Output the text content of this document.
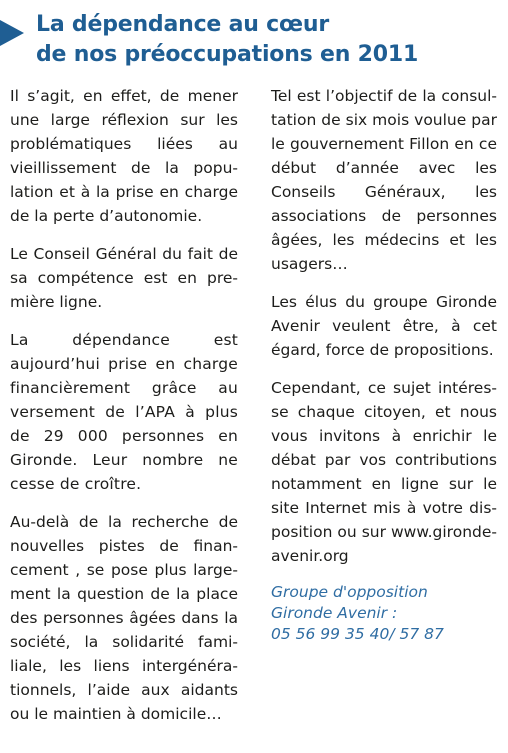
La dépendance au cœur
de nos préoccupations en 2011

Il s’agit, en effet, de mener une large réflexion sur les problématiques liées au vieillissement de la population et à la prise en charge de la perte d’autonomie.

Le Conseil Général du fait de sa compétence est en première ligne.

La dépendance est aujourd’hui prise en charge financièrement grâce au versement de l’APA à plus de 29 000 personnes en Gironde. Leur nombre ne cesse de croître.

Au-delà de la recherche de nouvelles pistes de financement , se pose plus largement la question de la place des personnes âgées dans la société, la solidarité familiale, les liens intergénérationnels, l’aide aux aidants ou le maintien à domicile…

Tel est l’objectif de la consultation de six mois voulue par le gouvernement Fillon en ce début d’année avec les Conseils Généraux, les associations de personnes âgées, les médecins et les usagers…

Les élus du groupe Gironde Avenir veulent être, à cet égard, force de propositions.

Cependant, ce sujet intéresse chaque citoyen, et nous vous invitons à enrichir le débat par vos contributions notamment en ligne sur le site Internet mis à votre disposition ou sur www.gironde-avenir.org

Groupe d'opposition
Gironde Avenir :
05 56 99 35 40/ 57 87
